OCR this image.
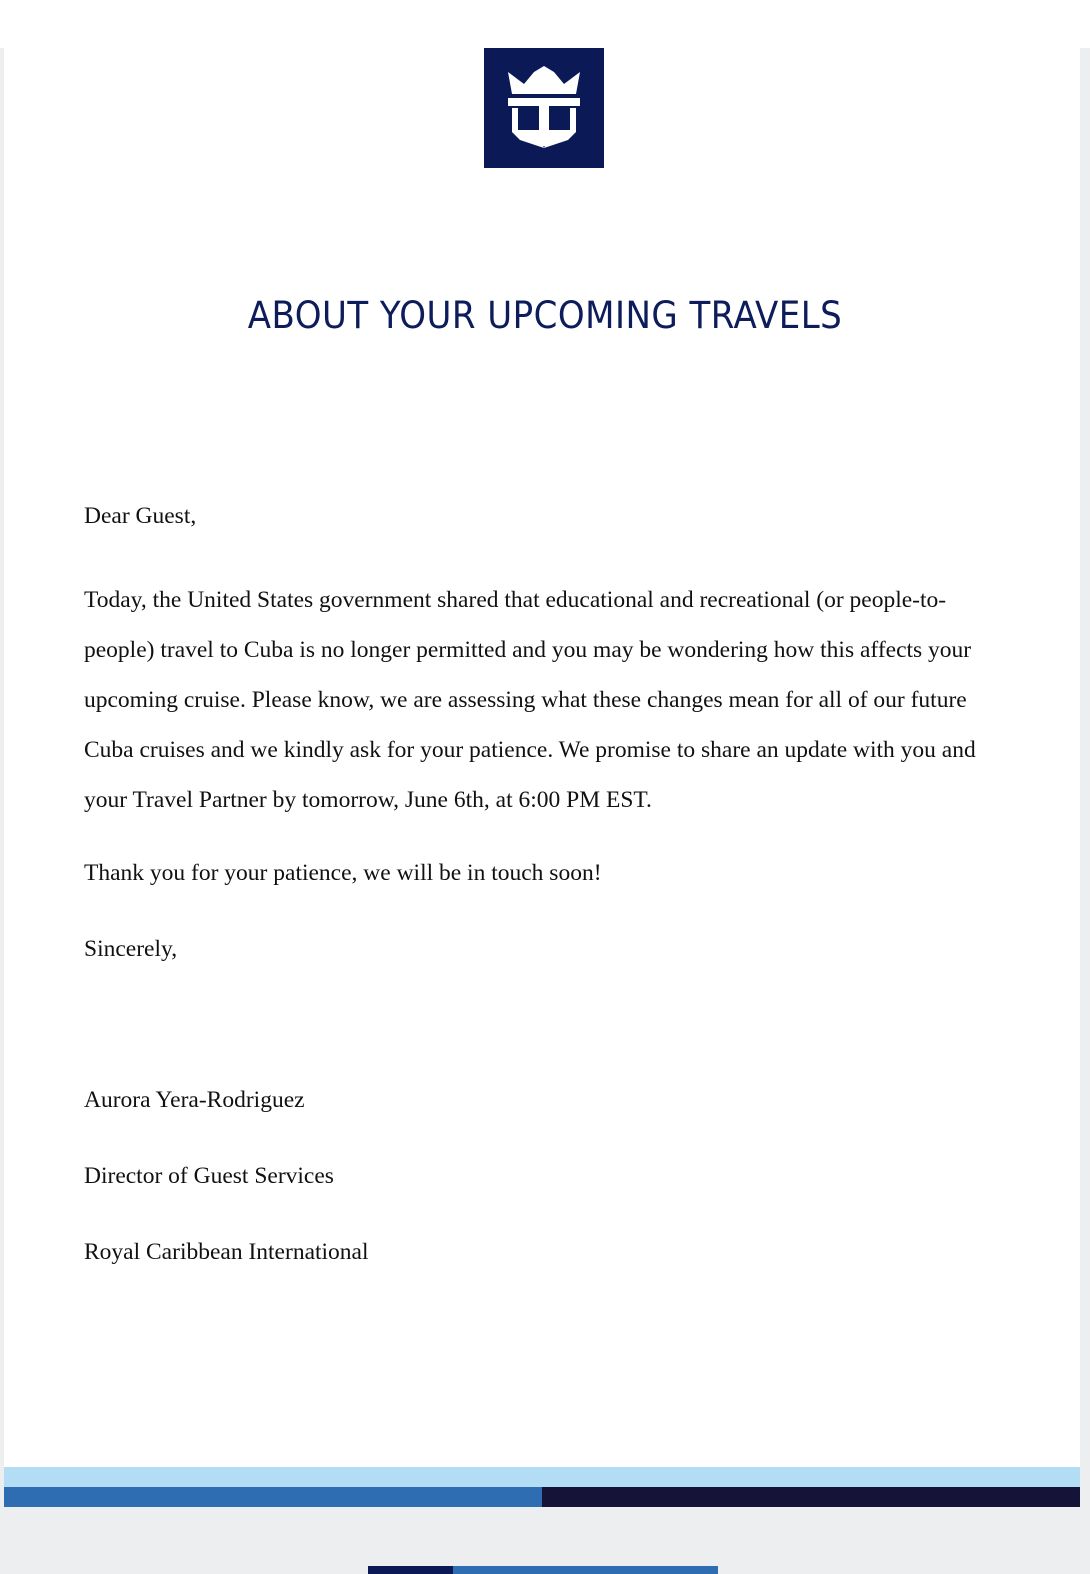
ABOUT YOUR UPCOMING TRAVELS

Dear Guest,

Today, the United States government shared that educational and recreational (or people-to-people) travel to Cuba is no longer permitted and you may be wondering how this affects your upcoming cruise. Please know, we are assessing what these changes mean for all of our future Cuba cruises and we kindly ask for your patience. We promise to share an update with you and your Travel Partner by tomorrow, June 6th, at 6:00 PM EST.

Thank you for your patience, we will be in touch soon!

Sincerely,

Aurora Yera-Rodriguez

Director of Guest Services

Royal Caribbean International
